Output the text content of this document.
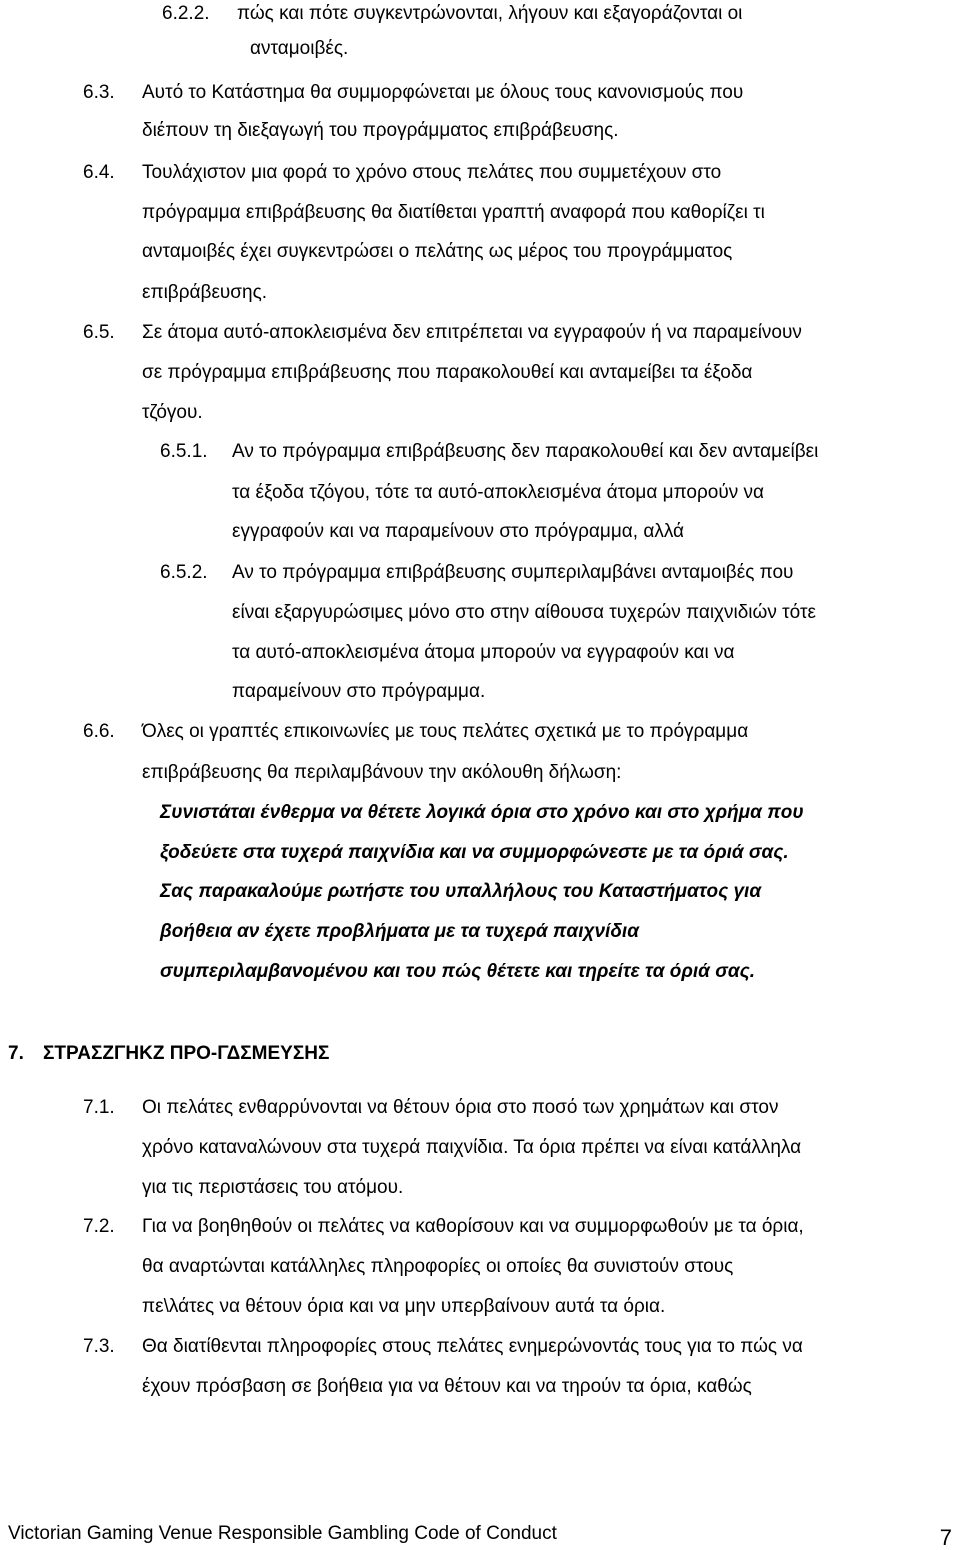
6.2.2. πώς και πότε συγκεντρώνονται, λήγουν και εξαγοράζονται οι
ανταμοιβές.
6.3. Αυτό το Κατάστημα θα συμμορφώνεται με όλους τους κανονισμούς που
διέπουν τη διεξαγωγή του προγράμματος επιβράβευσης.
6.4. Τουλάχιστον μια φορά το χρόνο στους πελάτες που συμμετέχουν στο
πρόγραμμα επιβράβευσης θα διατίθεται γραπτή αναφορά που καθορίζει τι
ανταμοιβές έχει συγκεντρώσει ο πελάτης ως μέρος του προγράμματος
επιβράβευσης.
6.5. Σε άτομα αυτό-αποκλεισμένα δεν επιτρέπεται να εγγραφούν ή να παραμείνουν
σε πρόγραμμα επιβράβευσης που παρακολουθεί και ανταμείβει τα έξοδα
τζόγου.
6.5.1. Αν το πρόγραμμα επιβράβευσης δεν παρακολουθεί και δεν ανταμείβει
τα έξοδα τζόγου, τότε τα αυτό-αποκλεισμένα άτομα μπορούν να
εγγραφούν και να παραμείνουν στο πρόγραμμα, αλλά
6.5.2. Αν το πρόγραμμα επιβράβευσης συμπεριλαμβάνει ανταμοιβές που
είναι εξαργυρώσιμες μόνο στο στην αίθουσα τυχερών παιχνιδιών τότε
τα αυτό-αποκλεισμένα άτομα μπορούν να εγγραφούν και να
παραμείνουν στο πρόγραμμα.
6.6. Όλες οι γραπτές επικοινωνίες με τους πελάτες σχετικά με το πρόγραμμα
επιβράβευσης θα περιλαμβάνουν την ακόλουθη δήλωση:
Συνιστάται ένθερμα να θέτετε λογικά όρια στο χρόνο και στο χρήμα που
ξοδεύετε στα τυχερά παιχνίδια και να συμμορφώνεστε με τα όριά σας.
Σας παρακαλούμε ρωτήστε του υπαλλήλους του Καταστήματος για
βοήθεια αν έχετε προβλήματα με τα τυχερά παιχνίδια
συμπεριλαμβανομένου και του πώς θέτετε και τηρείτε τα όριά σας.
7. ΣΤΡΑΣΖΓΗΚΖ ΠΡΟ-ΓΔΣΜΕΥΣΗΣ
7.1. Οι πελάτες ενθαρρύνονται να θέτουν όρια στο ποσό των χρημάτων και στον
χρόνο καταναλώνουν στα τυχερά παιχνίδια. Τα όρια πρέπει να είναι κατάλληλα
για τις περιστάσεις του ατόμου.
7.2. Για να βοηθηθούν οι πελάτες να καθορίσουν και να συμμορφωθούν με τα όρια,
θα αναρτώνται κατάλληλες πληροφορίες οι οποίες θα συνιστούν στους
πε\λάτες να θέτουν όρια και να μην υπερβαίνουν αυτά τα όρια.
7.3. Θα διατίθενται πληροφορίες στους πελάτες ενημερώνοντάς τους για το πώς να
έχουν πρόσβαση σε βοήθεια για να θέτουν και να τηρούν τα όρια, καθώς
Victorian Gaming Venue Responsible Gambling Code of Conduct	7
